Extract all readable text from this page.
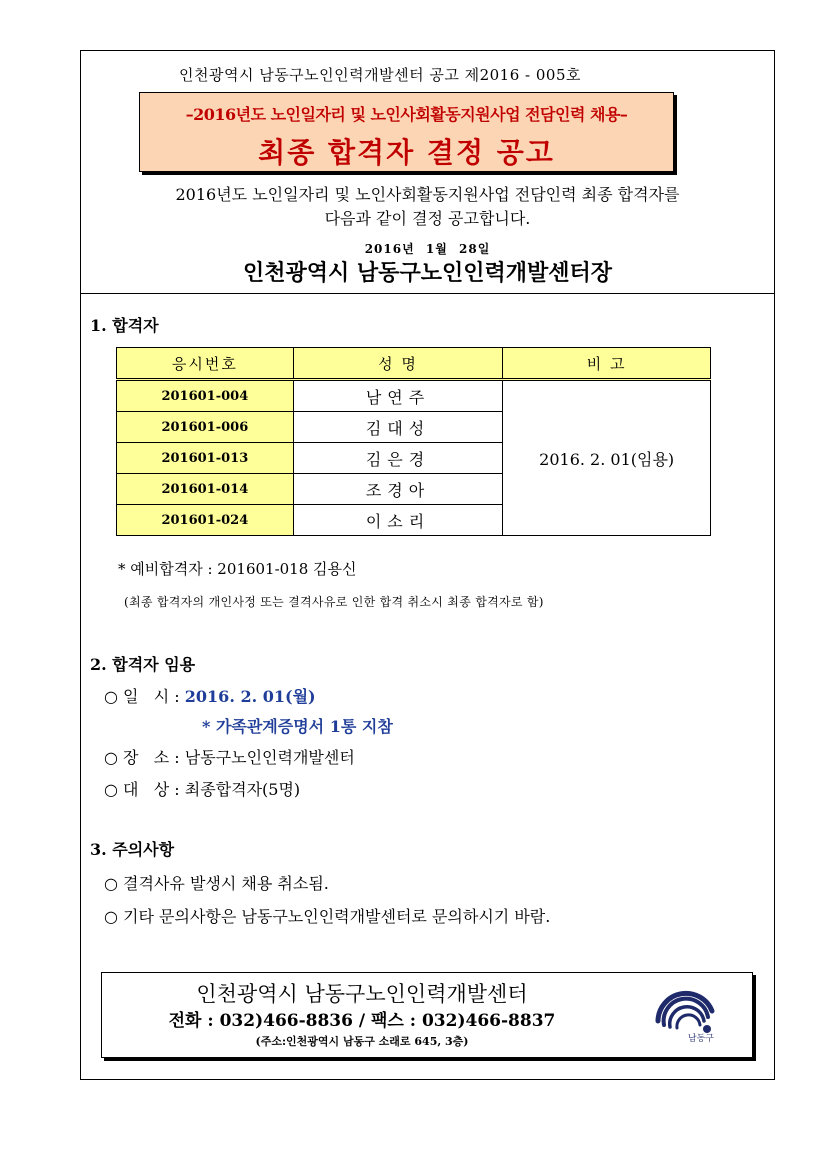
인천광역시 남동구노인인력개발센터 공고 제2016 - 005호
–2016년도 노인일자리 및 노인사회활동지원사업 전담인력 채용–
최종 합격자 결정 공고
2016년도 노인일자리 및 노인사회활동지원사업 전담인력 최종 합격자를
다음과 같이 결정 공고합니다.
2016년 1월 28일
인천광역시 남동구노인인력개발센터장
1. 합격자
응시번호	성 명	비 고
201601-004	남연주	2016. 2. 01(임용)
201601-006	김대성	
201601-013	김은경	
201601-014	조경아	
201601-024	이소리	
* 예비합격자 : 201601-018 김용신
(최종 합격자의 개인사정 또는 결격사유로 인한 합격 취소시 최종 합격자로 함)
2. 합격자 임용
○ 일   시 : 2016. 2. 01(월)
* 가족관계증명서 1통 지참
○ 장   소 : 남동구노인인력개발센터
○ 대   상 : 최종합격자(5명)
3. 주의사항
○ 결격사유 발생시 채용 취소됨.
○ 기타 문의사항은 남동구노인인력개발센터로 문의하시기 바람.
인천광역시 남동구노인인력개발센터
전화 : 032)466-8836 / 팩스 : 032)466-8837
(주소:인천광역시 남동구 소래로 645, 3층)	남동구
